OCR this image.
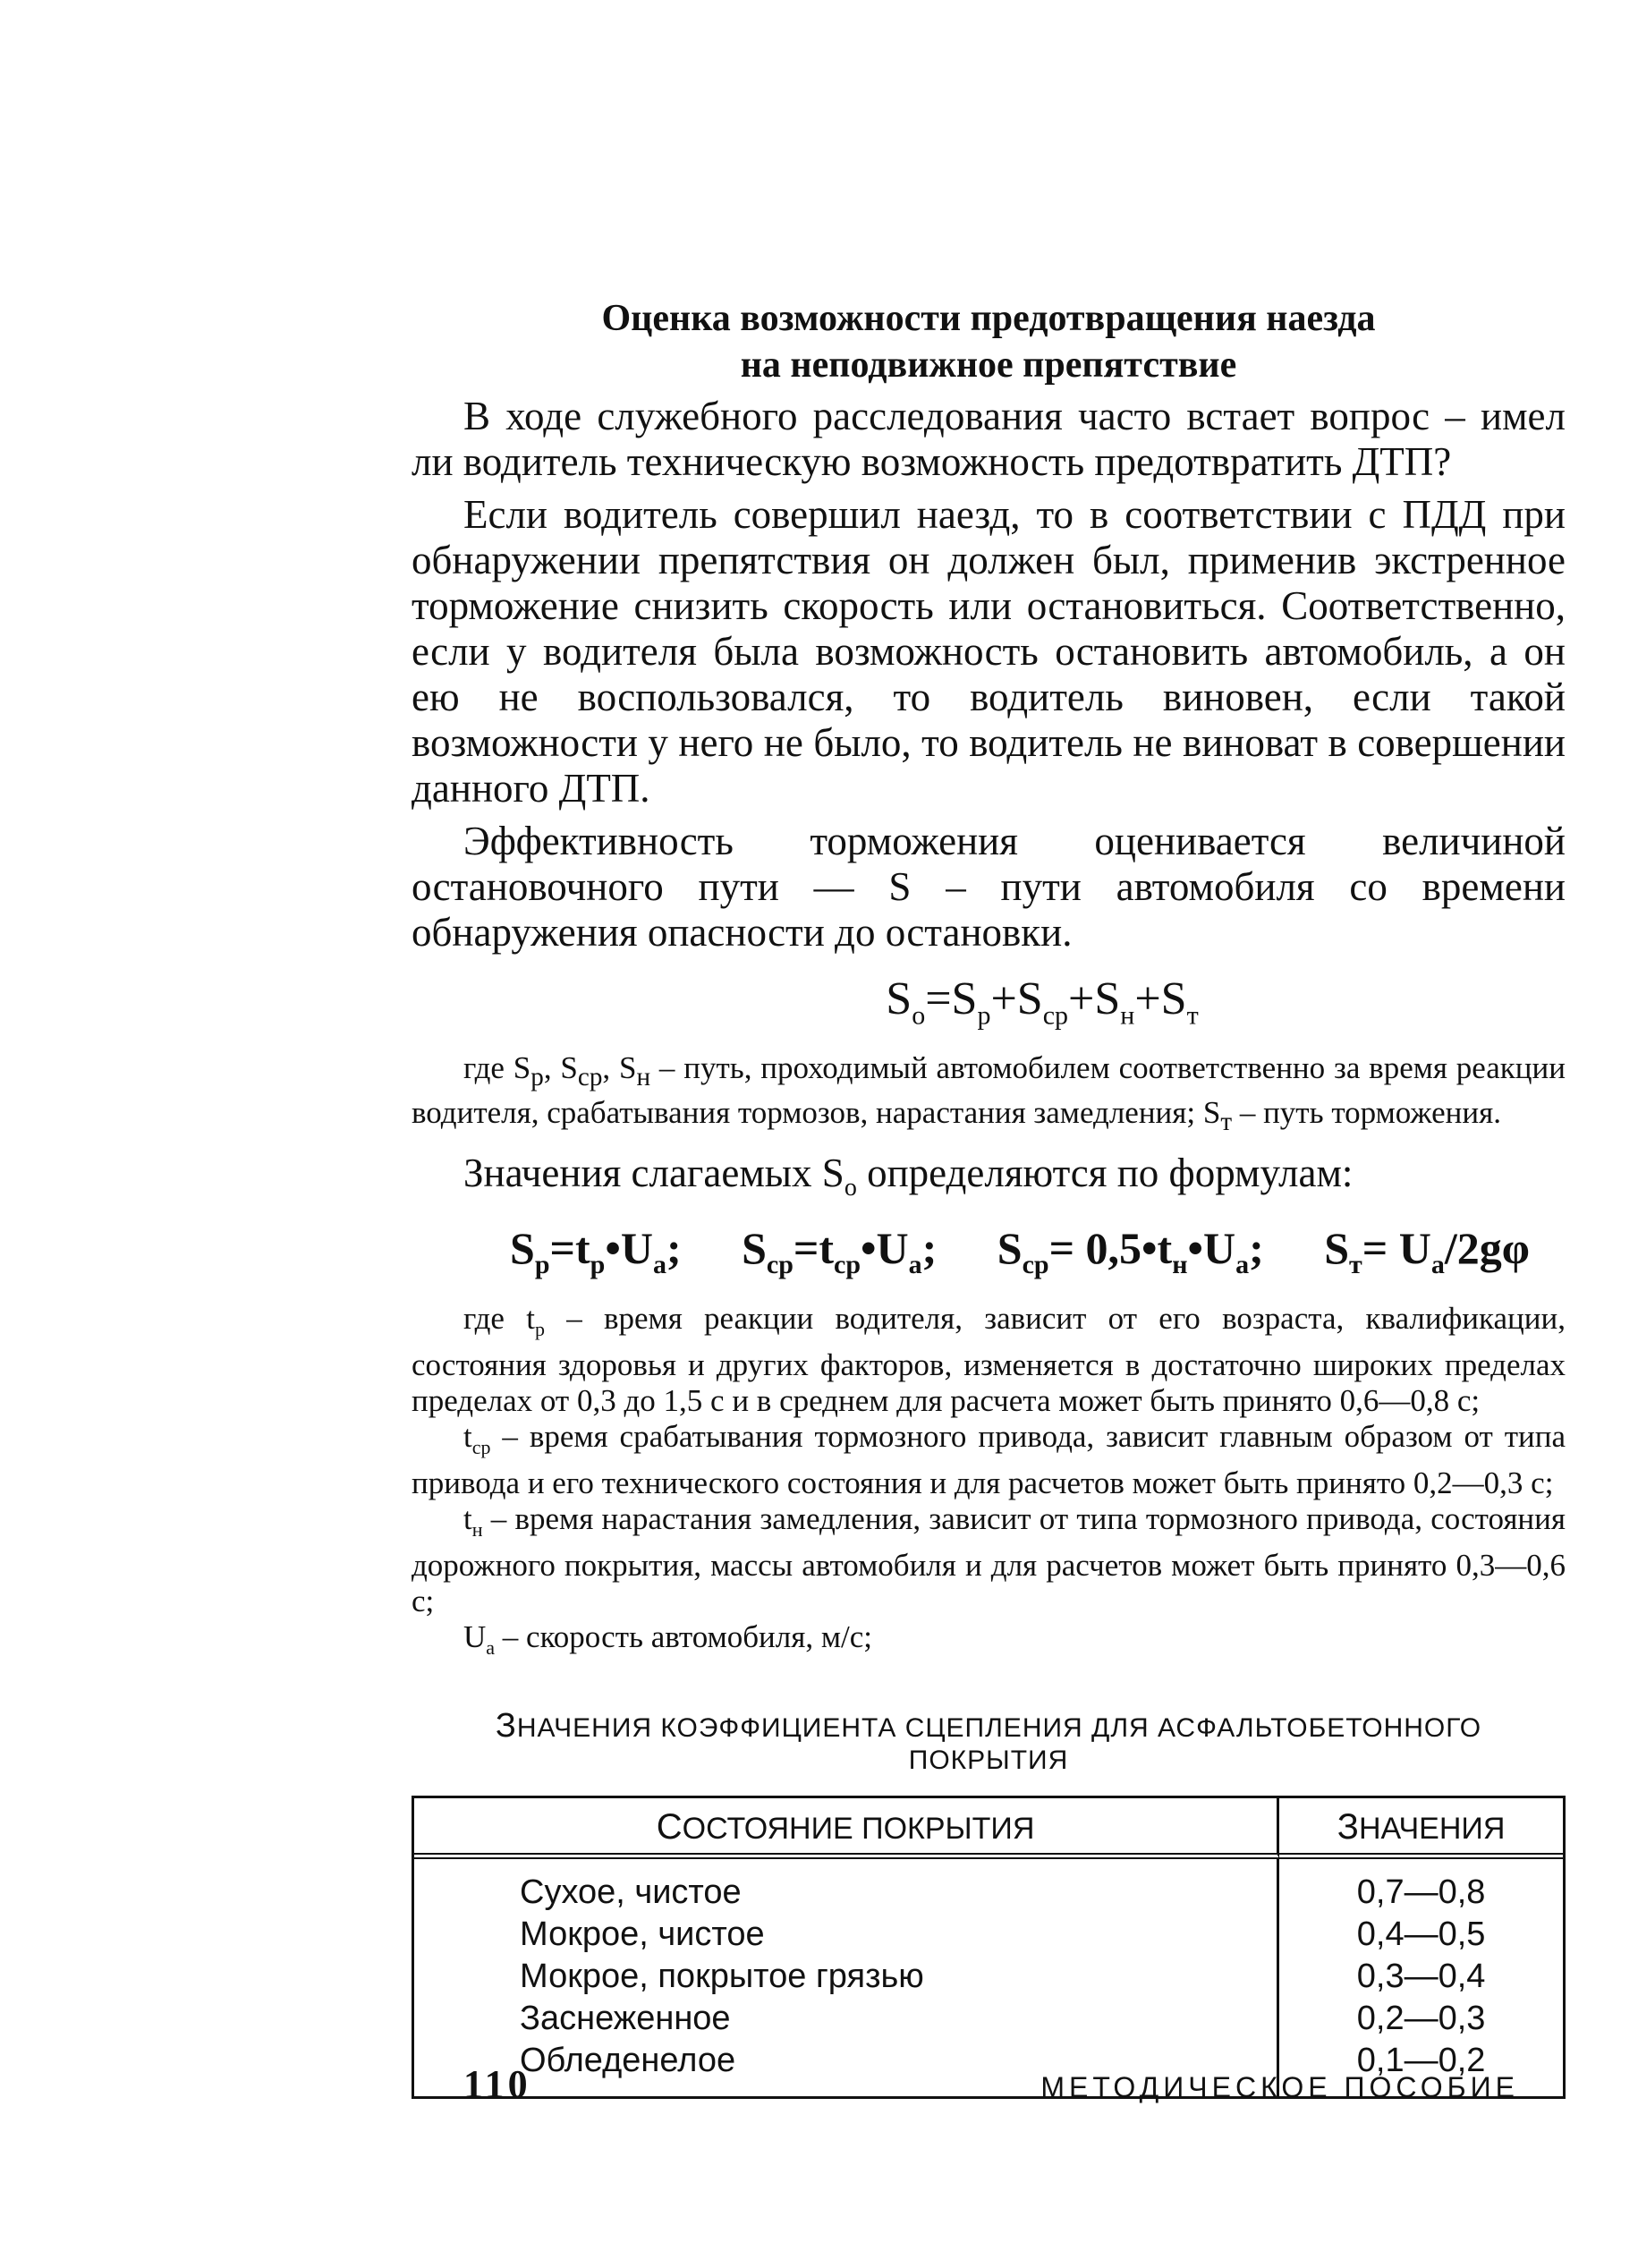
Оценка возможности предотвращения наезда
на неподвижное препятствие

В ходе служебного расследования часто встает вопрос – имел ли водитель техническую возможность предотвратить ДТП?

Если водитель совершил наезд, то в соответствии с ПДД при обнаружении препятствия он должен был, применив экстренное торможение снизить скорость или остановиться. Соответственно, если у водителя была возможность остановить автомобиль, а он ею не воспользовался, то водитель виновен, если такой возможности у него не было, то водитель не виноват в совершении данного ДТП.

Эффективность торможения оценивается величиной остановочного пути — S – пути автомобиля со времени обнаружения опасности до остановки.

$S_о=S_р+S_{ср}+S_н+S_т$

где $S_р$, $S_{ср}$, $S_н$ – путь, проходимый автомобилем соответственно за время реакции водителя, срабатывания тормозов, нарастания замедления; $S_т$ – путь торможения.

Значения слагаемых $S_о$ определяются по формулам:

$S_р=t_р•U_а$; $S_{ср}=t_{ср}•U_а$; $S_{ср}=$ $0,5•t_н•U_а$; $S_т= U_а/2g\varphi$

где $t_р$ – время реакции водителя, зависит от его возраста, квалификации, состояния здоровья и других факторов, изменяется в достаточно широких пределах пределах от 0,3 до 1,5 с и в среднем для расчета может быть принято 0,6—0,8 с;

$t_{ср}$ – время срабатывания тормозного привода, зависит главным образом от типа привода и его технического состояния и для расчетов может быть принято 0,2—0,3 с;

$t_н$ – время нарастания замедления, зависит от типа тормозного привода, состояния дорожного покрытия, массы автомобиля и для расчетов может быть принято 0,3—0,6 с;

$U_а$ – скорость автомобиля, м/с;

ЗНАЧЕНИЯ КОЭФФИЦИЕНТА СЦЕПЛЕНИЯ ДЛЯ АСФАЛЬТОБЕТОННОГО ПОКРЫТИЯ
СОСТОЯНИЕ ПОКРЫТИЯ	ЗНАЧЕНИЯ
Сухое, чистое	0,7—0,8
Мокрое, чистое	0,4—0,5
Мокрое, покрытое грязью	0,3—0,4
Заснеженное	0,2—0,3
Обледенелое	0,1—0,2
110	МЕТОДИЧЕСКОЕ ПОСОБИЕ
